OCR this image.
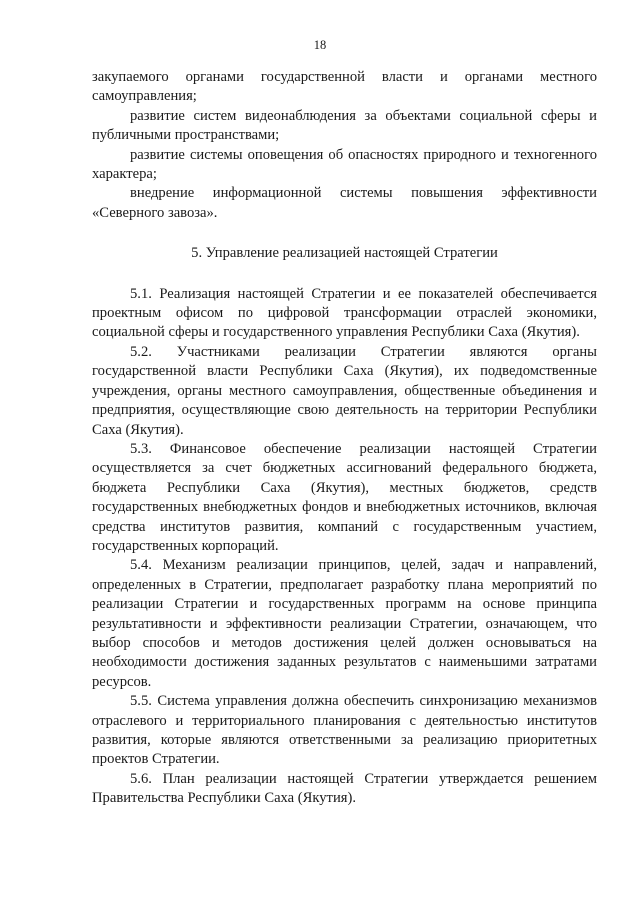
18

закупаемого органами государственной власти и органами местного самоуправления;

развитие систем видеонаблюдения за объектами социальной сферы и публичными пространствами;

развитие системы оповещения об опасностях природного и техногенного характера;

внедрение информационной системы повышения эффективности «Северного завоза».

5. Управление реализацией настоящей Стратегии

5.1. Реализация настоящей Стратегии и ее показателей обеспечивается проектным офисом по цифровой трансформации отраслей экономики, социальной сферы и государственного управления Республики Саха (Якутия).

5.2. Участниками реализации Стратегии являются органы государственной власти Республики Саха (Якутия), их подведомственные учреждения, органы местного самоуправления, общественные объединения и предприятия, осуществляющие свою деятельность на территории Республики Саха (Якутия).

5.3. Финансовое обеспечение реализации настоящей Стратегии осуществляется за счет бюджетных ассигнований федерального бюджета, бюджета Республики Саха (Якутия), местных бюджетов, средств государственных внебюджетных фондов и внебюджетных источников, включая средства институтов развития, компаний с государственным участием, государственных корпораций.

5.4. Механизм реализации принципов, целей, задач и направлений, определенных в Стратегии, предполагает разработку плана мероприятий по реализации Стратегии и государственных программ на основе принципа результативности и эффективности реализации Стратегии, означающем, что выбор способов и методов достижения целей должен основываться на необходимости достижения заданных результатов с наименьшими затратами ресурсов.

5.5. Система управления должна обеспечить синхронизацию механизмов отраслевого и территориального планирования с деятельностью институтов развития, которые являются ответственными за реализацию приоритетных проектов Стратегии.

5.6. План реализации настоящей Стратегии утверждается решением Правительства Республики Саха (Якутия).
